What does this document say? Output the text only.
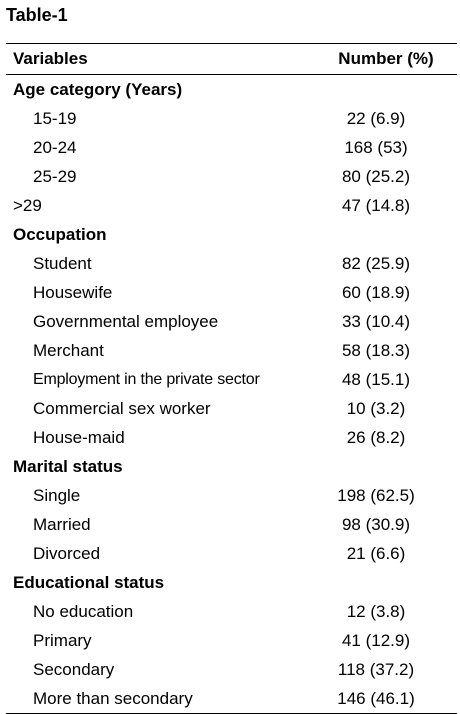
Table-1
Variables	Number (%)
Age category (Years)
15-19	22 (6.9)
20-24	168 (53)
25-29	80 (25.2)
>29	47 (14.8)
Occupation
Student	82 (25.9)
Housewife	60 (18.9)
Governmental employee	33 (10.4)
Merchant	58 (18.3)
Employment in the private sector	48 (15.1)
Commercial sex worker	10 (3.2)
House-maid	26 (8.2)
Marital status
Single	198 (62.5)
Married	98 (30.9)
Divorced	21 (6.6)
Educational status
No education	12 (3.8)
Primary	41 (12.9)
Secondary	118 (37.2)
More than secondary	146 (46.1)
